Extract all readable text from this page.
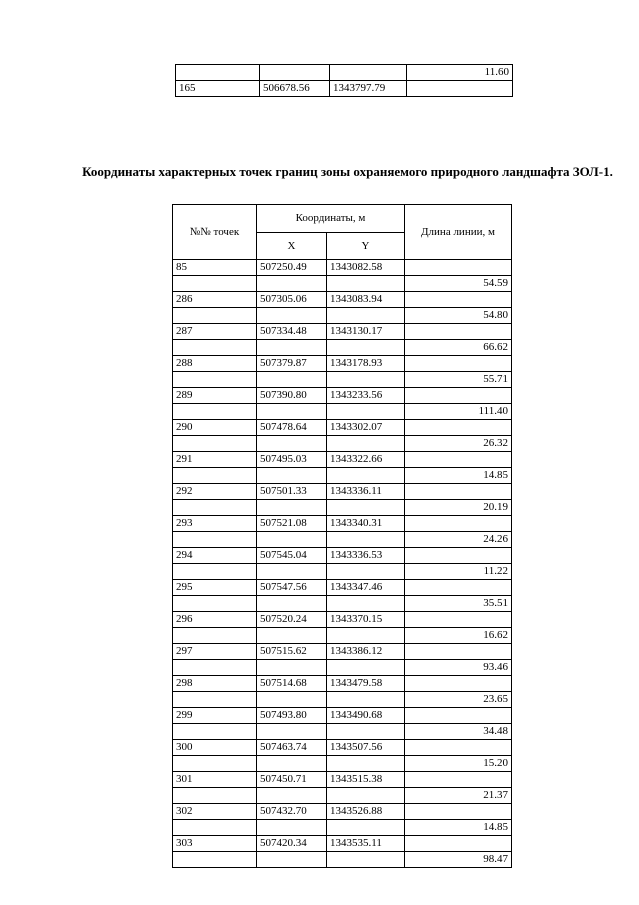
			11.60
165	506678.56	1343797.79	
Координаты характерных точек границ зоны охраняемого природного ландшафта ЗОЛ-1.
№№ точек	Координаты, м		Длина линии, м
	X	Y	
85	507250.49	1343082.58	
			54.59
286	507305.06	1343083.94	
			54.80
287	507334.48	1343130.17	
			66.62
288	507379.87	1343178.93	
			55.71
289	507390.80	1343233.56	
			111.40
290	507478.64	1343302.07	
			26.32
291	507495.03	1343322.66	
			14.85
292	507501.33	1343336.11	
			20.19
293	507521.08	1343340.31	
			24.26
294	507545.04	1343336.53	
			11.22
295	507547.56	1343347.46	
			35.51
296	507520.24	1343370.15	
			16.62
297	507515.62	1343386.12	
			93.46
298	507514.68	1343479.58	
			23.65
299	507493.80	1343490.68	
			34.48
300	507463.74	1343507.56	
			15.20
301	507450.71	1343515.38	
			21.37
302	507432.70	1343526.88	
			14.85
303	507420.34	1343535.11	
			98.47
